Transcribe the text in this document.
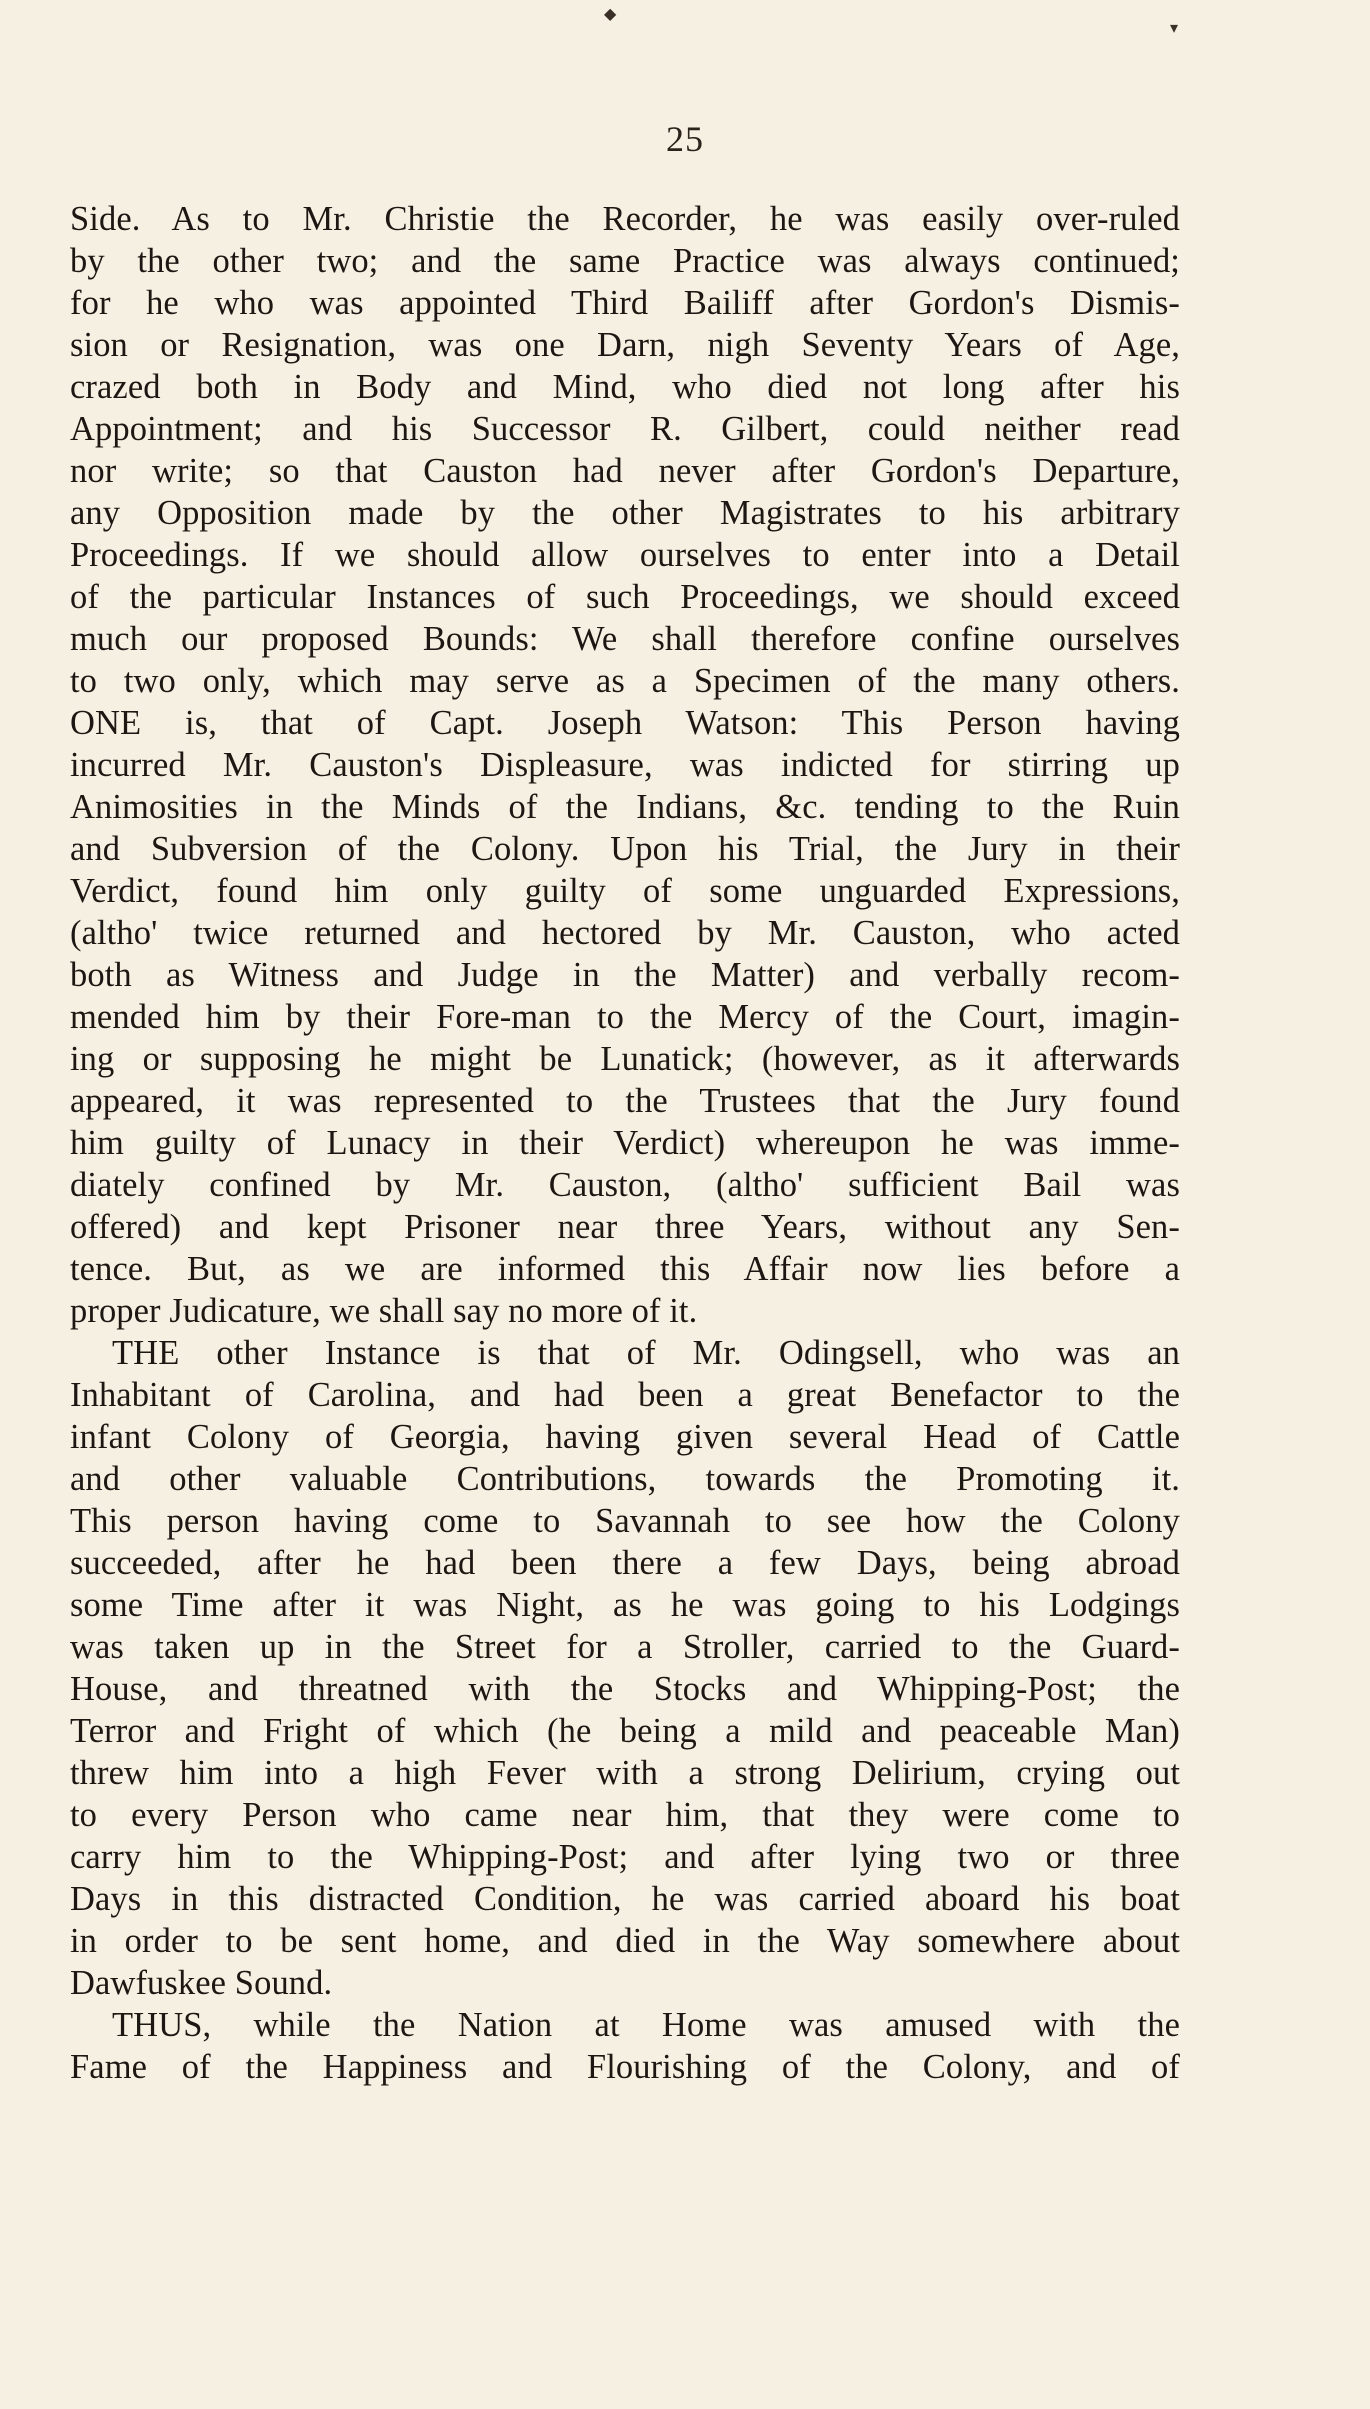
◆
▾
25
Side. As to Mr. Christie the Recorder, he was easily over-ruled
by the other two; and the same Practice was always continued;
for he who was appointed Third Bailiff after Gordon's Dismis-
sion or Resignation, was one Darn, nigh Seventy Years of Age,
crazed both in Body and Mind, who died not long after his
Appointment; and his Successor R. Gilbert, could neither read
nor write; so that Causton had never after Gordon's Departure,
any Opposition made by the other Magistrates to his arbitrary
Proceedings. If we should allow ourselves to enter into a Detail
of the particular Instances of such Proceedings, we should exceed
much our proposed Bounds: We shall therefore confine ourselves
to two only, which may serve as a Specimen of the many others.
ONE is, that of Capt. Joseph Watson: This Person having
incurred Mr. Causton's Displeasure, was indicted for stirring up
Animosities in the Minds of the Indians, &c. tending to the Ruin
and Subversion of the Colony. Upon his Trial, the Jury in their
Verdict, found him only guilty of some unguarded Expressions,
(altho' twice returned and hectored by Mr. Causton, who acted
both as Witness and Judge in the Matter) and verbally recom-
mended him by their Fore-man to the Mercy of the Court, imagin-
ing or supposing he might be Lunatick; (however, as it afterwards
appeared, it was represented to the Trustees that the Jury found
him guilty of Lunacy in their Verdict) whereupon he was imme-
diately confined by Mr. Causton, (altho' sufficient Bail was
offered) and kept Prisoner near three Years, without any Sen-
tence. But, as we are informed this Affair now lies before a
proper Judicature, we shall say no more of it.
THE other Instance is that of Mr. Odingsell, who was an
Inhabitant of Carolina, and had been a great Benefactor to the
infant Colony of Georgia, having given several Head of Cattle
and other valuable Contributions, towards the Promoting it.
This person having come to Savannah to see how the Colony
succeeded, after he had been there a few Days, being abroad
some Time after it was Night, as he was going to his Lodgings
was taken up in the Street for a Stroller, carried to the Guard-
House, and threatned with the Stocks and Whipping-Post; the
Terror and Fright of which (he being a mild and peaceable Man)
threw him into a high Fever with a strong Delirium, crying out
to every Person who came near him, that they were come to
carry him to the Whipping-Post; and after lying two or three
Days in this distracted Condition, he was carried aboard his boat
in order to be sent home, and died in the Way somewhere about
Dawfuskee Sound.
THUS, while the Nation at Home was amused with the
Fame of the Happiness and Flourishing of the Colony, and of
